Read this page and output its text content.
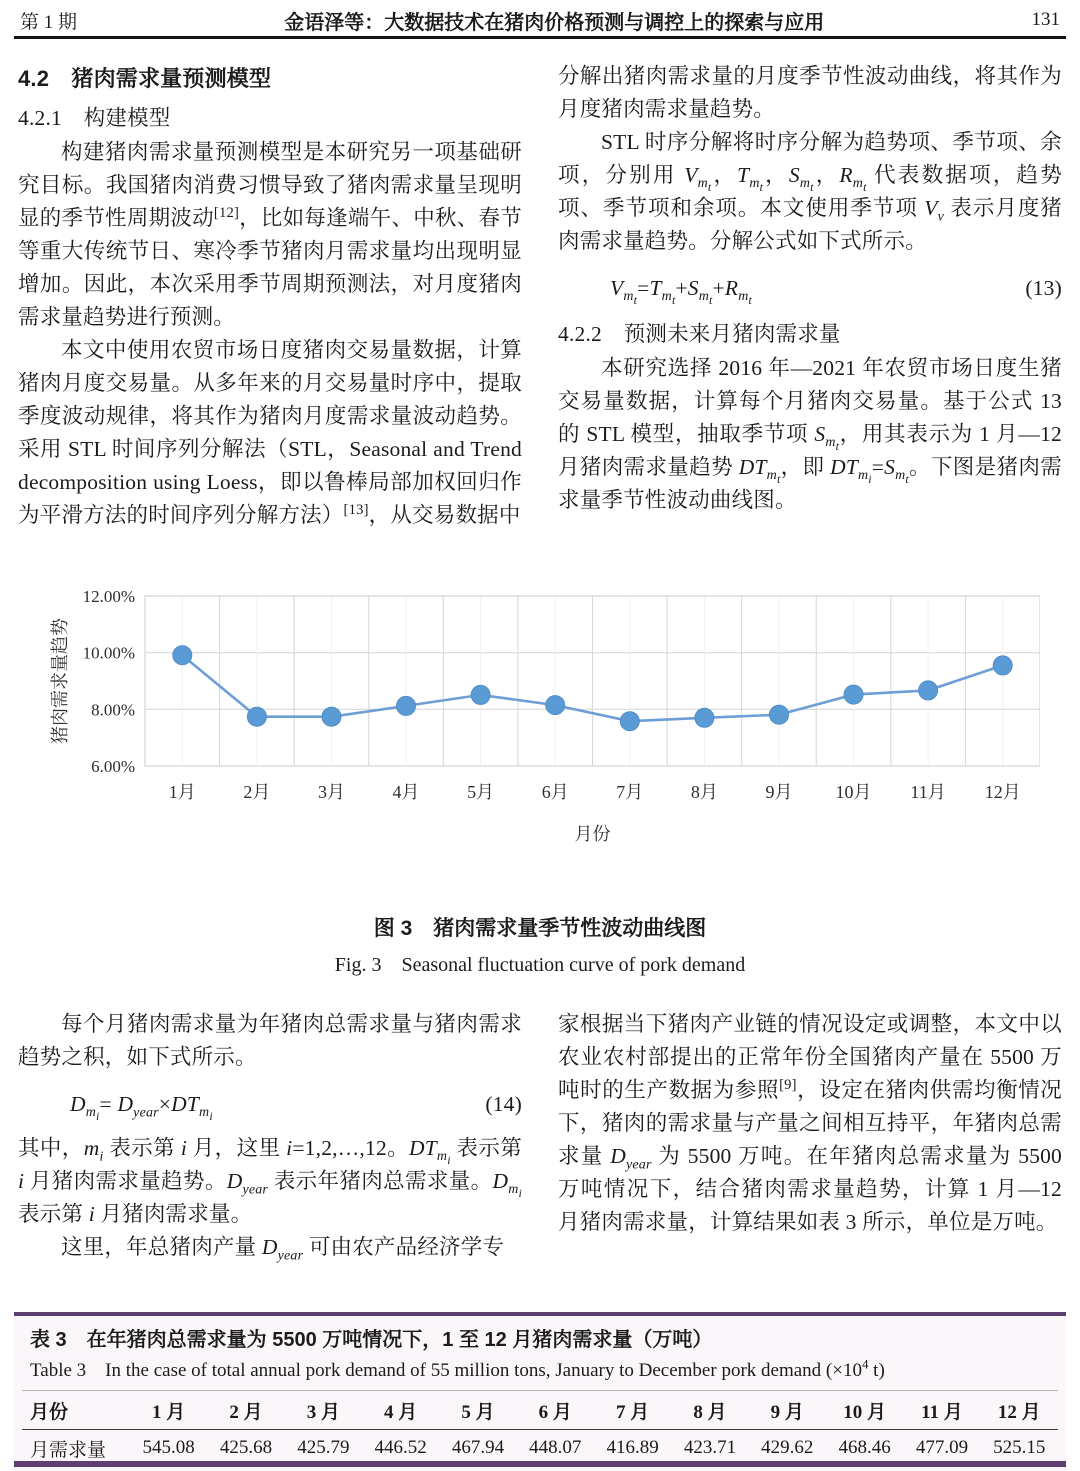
第 1 期	金语泽等：大数据技术在猪肉价格预测与调控上的探索与应用	131

4.2　猪肉需求量预测模型

4.2.1　构建模型

构建猪肉需求量预测模型是本研究另一项基础研究目标。我国猪肉消费习惯导致了猪肉需求量呈现明显的季节性周期波动[12]，比如每逢端午、中秋、春节等重大传统节日、寒冷季节猪肉月需求量均出现明显增加。因此，本次采用季节周期预测法，对月度猪肉需求量趋势进行预测。

本文中使用农贸市场日度猪肉交易量数据，计算猪肉月度交易量。从多年来的月交易量时序中，提取季度波动规律，将其作为猪肉月度需求量波动趋势。采用 STL 时间序列分解法（STL，Seasonal and Trend decomposition using Loess，即以鲁棒局部加权回归作为平滑方法的时间序列分解方法）[13]，从交易数据中

分解出猪肉需求量的月度季节性波动曲线，将其作为月度猪肉需求量趋势。

STL 时序分解将时序分解为趋势项、季节项、余项，分别用 $V_{m_t}$，$T_{m_t}$，$S_{m_t}$，$R_{m_t}$ 代表数据项，趋势项、季节项和余项。本文使用季节项 $V_v$ 表示月度猪肉需求量趋势。分解公式如下式所示。

$V_{m_t}=T_{m_t}+S_{m_t}+R_{m_t}$
(13)

4.2.2　预测未来月猪肉需求量

本研究选择 2016 年—2021 年农贸市场日度生猪交易量数据，计算每个月猪肉交易量。基于公式 13 的 STL 模型，抽取季节项 $S_{m_t}$，用其表示为 1 月—12 月猪肉需求量趋势 $DT_{m_t}$，即 $DT_{m_i}=S_{m_t}$。下图是猪肉需求量季节性波动曲线图。

6.00%
8.00%
10.00%
12.00%
1月	2月	3月	4月	5月	6月	7月	8月	9月 10月 11月 12月
猪肉需求量趋势
月份
图 3　猪肉需求量季节性波动曲线图
Fig. 3　Seasonal fluctuation curve of pork demand

每个月猪肉需求量为年猪肉总需求量与猪肉需求趋势之积，如下式所示。

$D_{m_i}= D_{year}\times DT_{m_i}$
(14)

其中，$m_i$ 表示第 i 月，这里 i=1,2,…,12。$DT_{m_i}$ 表示第 i 月猪肉需求量趋势。$D_{year}$ 表示年猪肉总需求量。$D_{m_i}$ 表示第 i 月猪肉需求量。

这里，年总猪肉产量 $D_{year}$ 可由农产品经济学专

家根据当下猪肉产业链的情况设定或调整，本文中以农业农村部提出的正常年份全国猪肉产量在 5500 万吨时的生产数据为参照[9]，设定在猪肉供需均衡情况下，猪肉的需求量与产量之间相互持平，年猪肉总需求量 $D_{year}$ 为 5500 万吨。在年猪肉总需求量为 5500 万吨情况下，结合猪肉需求量趋势，计算 1 月—12 月猪肉需求量，计算结果如表 3 所示，单位是万吨。

表 3　在年猪肉总需求量为 5500 万吨情况下，1 至 12 月猪肉需求量（万吨）
Table 3　In the case of total annual pork demand of 55 million tons, January to December pork demand ($\times 10^4$ t)
月份	1 月	2 月	3 月	4 月	5 月	6 月	7 月	8 月	9 月	10 月	11 月	12 月
月需求量	545.08	425.68	425.79	446.52	467.94	448.07	416.89	423.71	429.62	468.46	477.09	525.15
